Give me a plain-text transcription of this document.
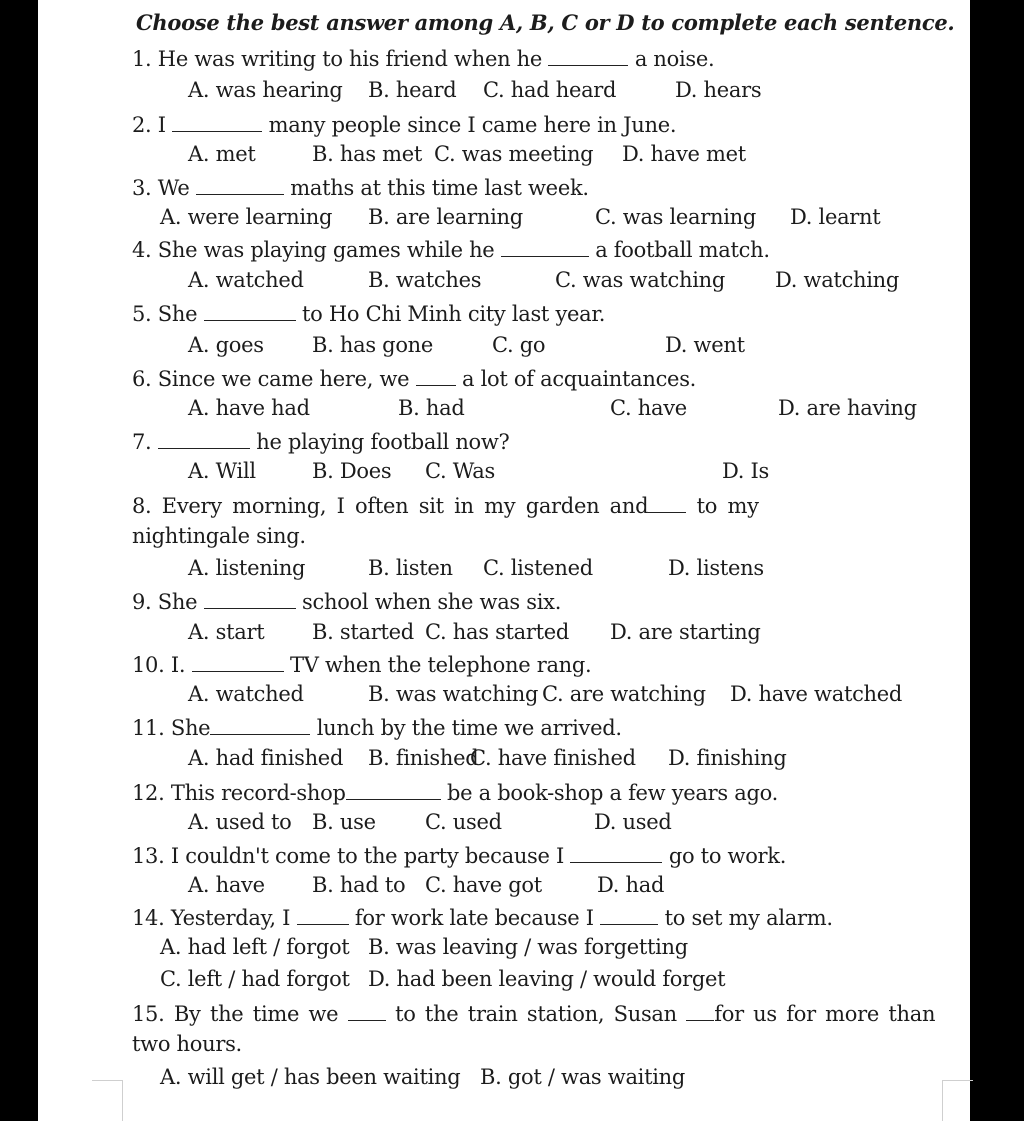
Choose the best answer among A, B, C or D to complete each sentence.
1. He was writing to his friend when he	a noise.
A. was hearing B. heard C. had heard	D. hears
2. I	many people since I came here in June.
A. met	B. has met C. was meeting D. have met
3. We	maths at this time last week.
A. were learning B. are learning	C. was learning D. learnt
4. She was playing games while he	a football match.
A. watched	B. watches	C. was watching D. watching
5. She	to Ho Chi Minh city last year.
A. goes B. has gone	C. go	D. went
6. Since we came here, we	a lot of acquaintances.
A. have had	B. had	C. have	D. are having
7.	he playing football now?
A. Will	B. Does C. Was	D. Is
8. Every morning, I often sit in my garden and to my
nightingale sing.
A. listening	B. listen C. listened	D. listens
9. She	school when she was six.
A. start B. started C. has started D. are starting
10. I.	TV when the telephone rang.
A. watched	B. was watching C. are watching D. have watched
11. She	lunch by the time we arrived.
A. had finished B. finished
C. have finished D. finishing
12. This record-shop	be a book-shop a few years ago.
A. used to B. use C. used	D. used
13. I couldn't come to the party because I	go to work.
A. have B. had to C. have got	D. had
14. Yesterday, I	for work late because I	to set my alarm.
A. had left / forgot B. was leaving / was forgetting
C. left / had forgot D. had been leaving / would forget
15. By the time we	to the train station, Susan for us for more than
two hours.
A. will get / has been waiting B. got / was waiting
